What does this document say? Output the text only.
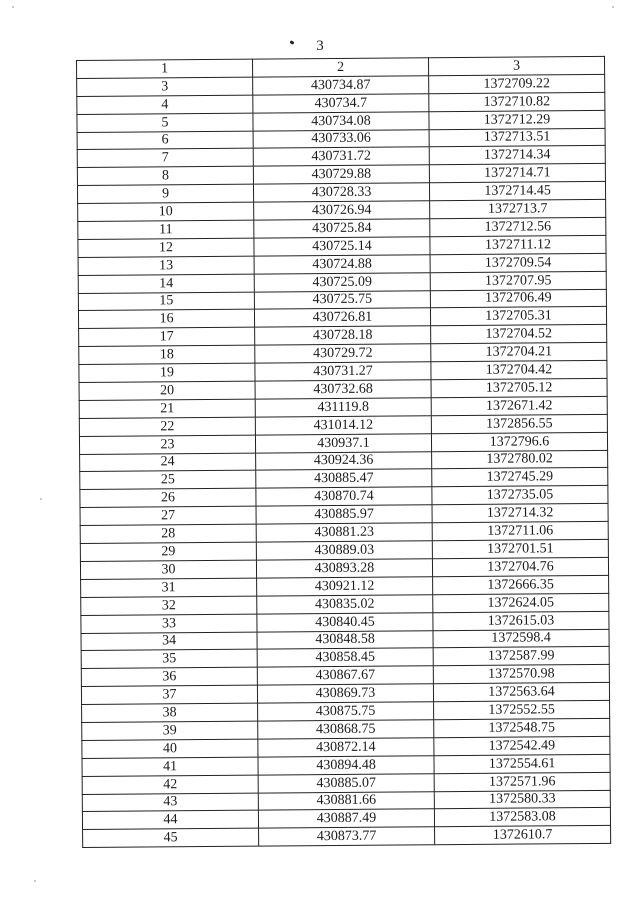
3
1	2	3
3	430734.87	1372709.22
4	430734.7	1372710.82
5	430734.08	1372712.29
6	430733.06	1372713.51
7	430731.72	1372714.34
8	430729.88	1372714.71
9	430728.33	1372714.45
10	430726.94	1372713.7
11	430725.84	1372712.56
12	430725.14	1372711.12
13	430724.88	1372709.54
14	430725.09	1372707.95
15	430725.75	1372706.49
16	430726.81	1372705.31
17	430728.18	1372704.52
18	430729.72	1372704.21
19	430731.27	1372704.42
20	430732.68	1372705.12
21	431119.8	1372671.42
22	431014.12	1372856.55
23	430937.1	1372796.6
24	430924.36	1372780.02
25	430885.47	1372745.29
26	430870.74	1372735.05
27	430885.97	1372714.32
28	430881.23	1372711.06
29	430889.03	1372701.51
30	430893.28	1372704.76
31	430921.12	1372666.35
32	430835.02	1372624.05
33	430840.45	1372615.03
34	430848.58	1372598.4
35	430858.45	1372587.99
36	430867.67	1372570.98
37	430869.73	1372563.64
38	430875.75	1372552.55
39	430868.75	1372548.75
40	430872.14	1372542.49
41	430894.48	1372554.61
42	430885.07	1372571.96
43	430881.66	1372580.33
44	430887.49	1372583.08
45	430873.77	1372610.7
